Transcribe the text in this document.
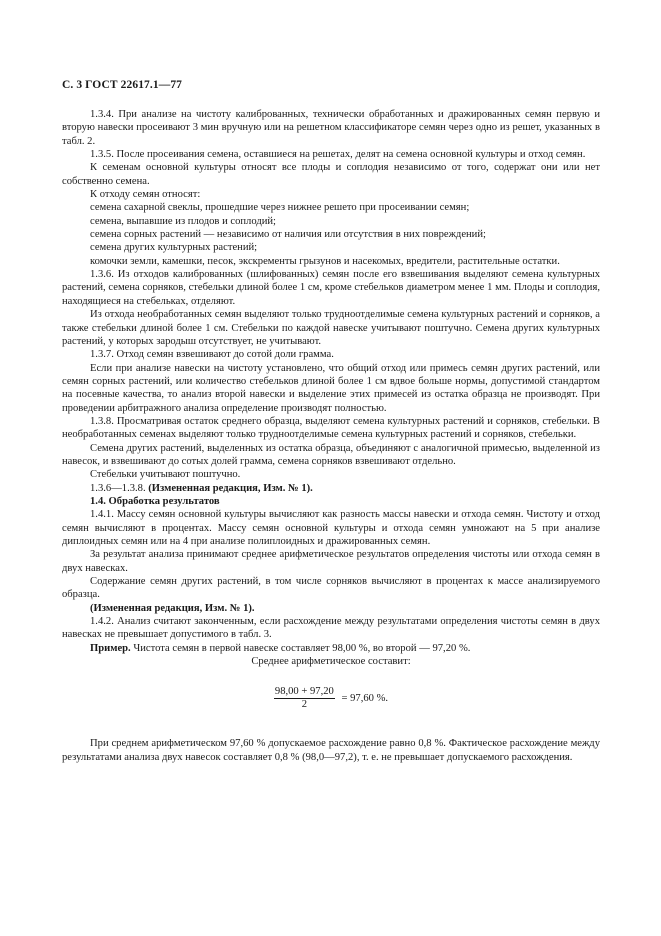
С. 3 ГОСТ 22617.1—77

1.3.4. При анализе на чистоту калиброванных, технически обработанных и дражированных семян первую и вторую навески просеивают 3 мин вручную или на решетном классификаторе семян через одно из решет, указанных в табл. 2.

1.3.5. После просеивания семена, оставшиеся на решетах, делят на семена основной культуры и отход семян.

К семенам основной культуры относят все плоды и соплодия независимо от того, содержат они или нет собственно семена.

К отходу семян относят:

семена сахарной свеклы, прошедшие через нижнее решето при просеивании семян;

семена, выпавшие из плодов и соплодий;

семена сорных растений — независимо от наличия или отсутствия в них повреждений;

семена других культурных растений;

комочки земли, камешки, песок, экскременты грызунов и насекомых, вредители, растительные остатки.

1.3.6. Из отходов калиброванных (шлифованных) семян после его взвешивания выделяют семена культурных растений, семена сорняков, стебельки длиной более 1 см, кроме стебельков диаметром менее 1 мм. Плоды и соплодия, находящиеся на стебельках, отделяют.

Из отхода необработанных семян выделяют только трудноотделимые семена культурных растений и сорняков, а также стебельки длиной более 1 см. Стебельки по каждой навеске учитывают поштучно. Семена других культурных растений, у которых зародыш отсутствует, не учитывают.

1.3.7. Отход семян взвешивают до сотой доли грамма.

Если при анализе навески на чистоту установлено, что общий отход или примесь семян других растений, или семян сорных растений, или количество стебельков длиной более 1 см вдвое больше нормы, допустимой стандартом на посевные качества, то анализ второй навески и выделение этих примесей из остатка образца не производят. При проведении арбитражного анализа определение производят полностью.

1.3.8. Просматривая остаток среднего образца, выделяют семена культурных растений и сорняков, стебельки. В необработанных семенах выделяют только трудноотделимые семена культурных растений и сорняков, стебельки.

Семена других растений, выделенных из остатка образца, объединяют с аналогичной примесью, выделенной из навесок, и взвешивают до сотых долей грамма, семена сорняков взвешивают отдельно.

Стебельки учитывают поштучно.

1.3.6—1.3.8. (Измененная редакция, Изм. № 1).

1.4. Обработка результатов

1.4.1. Массу семян основной культуры вычисляют как разность массы навески и отхода семян. Чистоту и отход семян вычисляют в процентах. Массу семян основной культуры и отхода семян умножают на 5 при анализе диплоидных семян или на 4 при анализе полиплоидных и дражированных семян.

За результат анализа принимают среднее арифметическое результатов определения чистоты или отхода семян в двух навесках.

Содержание семян других растений, в том числе сорняков вычисляют в процентах к массе анализируемого образца.

(Измененная редакция, Изм. № 1).

1.4.2. Анализ считают законченным, если расхождение между результатами определения чистоты семян в двух навесках не превышает допустимого в табл. 3.

Пример. Чистота семян в первой навеске составляет 98,00 %, во второй — 97,20 %.

Среднее арифметическое составит:

$\frac{98,00 + 97,20}{2} = 97,60$ %.

При среднем арифметическом 97,60 % допускаемое расхождение равно 0,8 %. Фактическое расхождение между результатами анализа двух навесок составляет 0,8 % (98,0—97,2), т. е. не превышает допускаемого расхождения.
